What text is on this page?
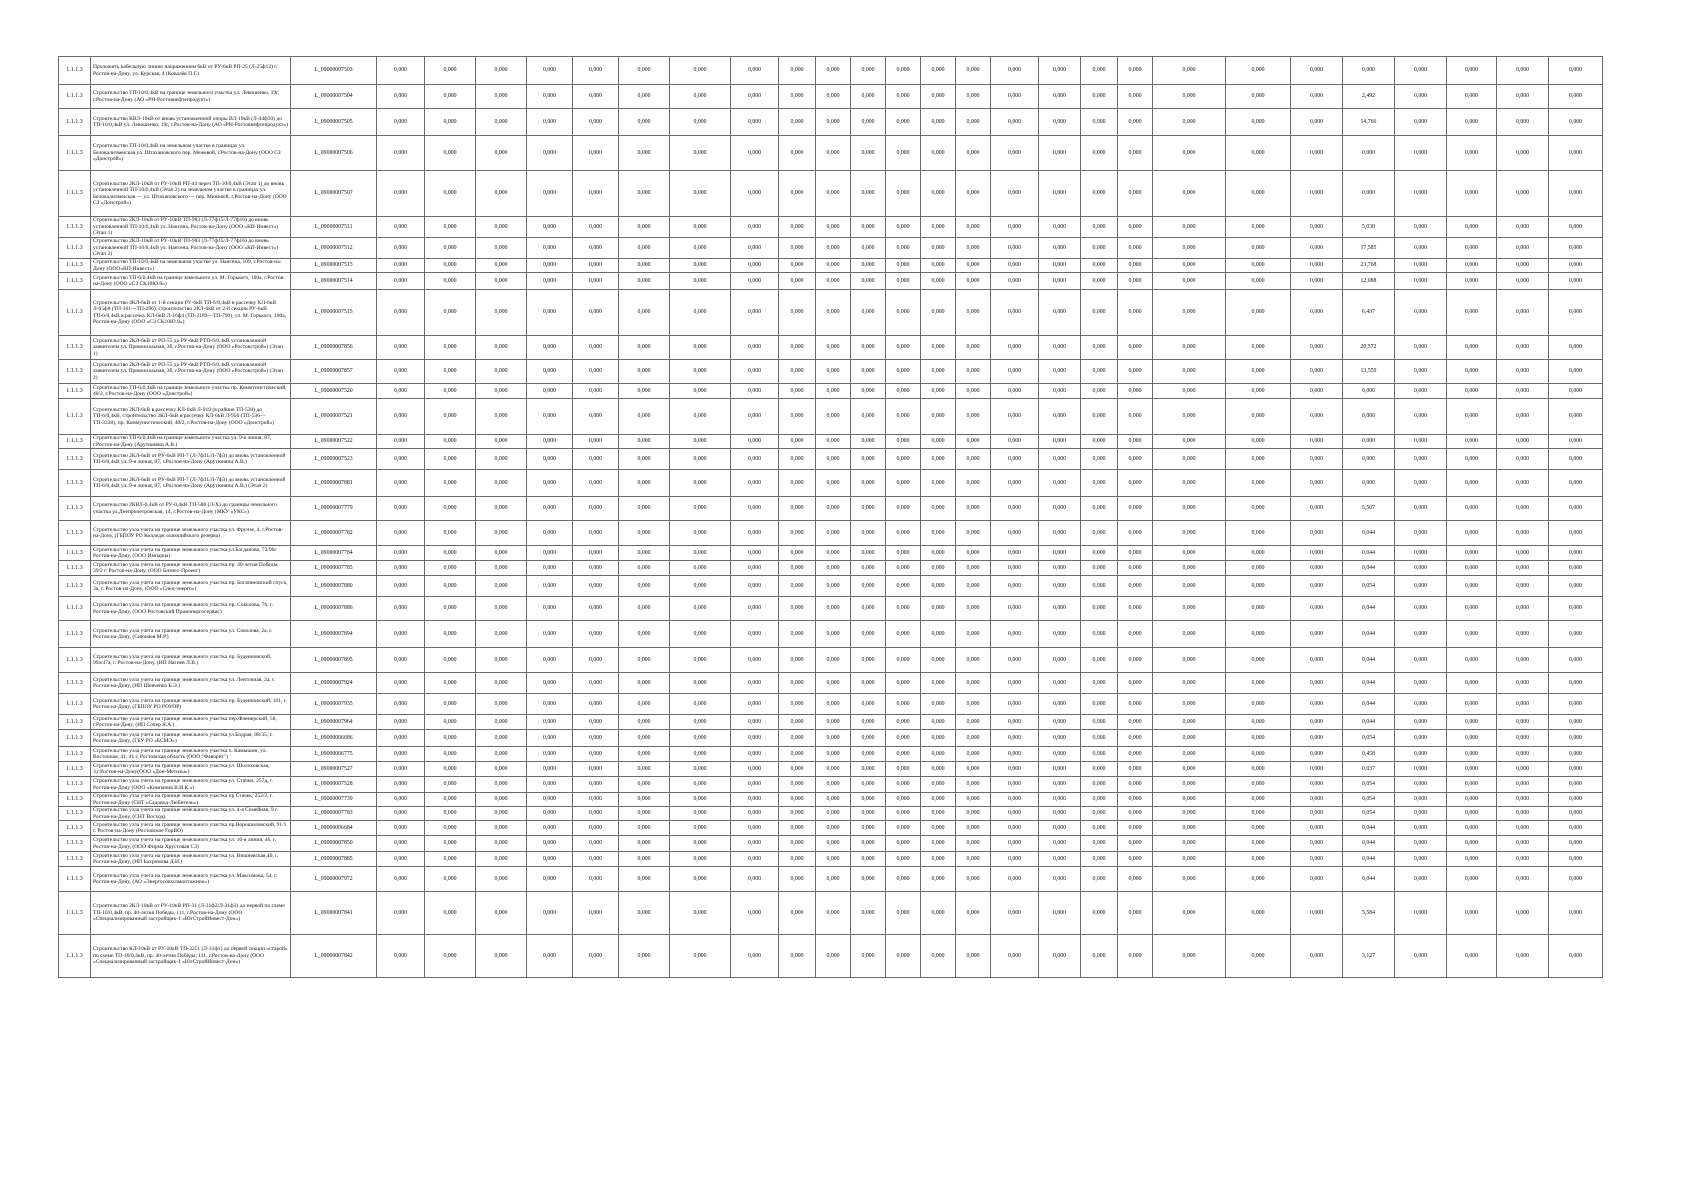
1.1.1.3	Проложить кабельную линию напряжением 6кВ от РУ-6кВ РП-25 (Л-25ф12) г. Ростов-на-Дону, ул. Курская, 4 (Ковалёв П.Г.)	L_09000007503	0,000	0,000	0,000	0,000	0,000	0,000	0,000	0,000	0,000	0,000	0,000	0,000	0,000	0,000	0,000	0,000	0,000	0,000	0,000	0,000	0,000	0,000	0,000	0,000	0,000	0,000
1.1.1.3	Строительство ТП-10/0,4кВ на границе земельного участка ул. Левошенко, 19г, г.Ростов-на-Дону (АО «РН-Ростовнефтепродукт»)	L_09000007504	0,000	0,000	0,000	0,000	0,000	0,000	0,000	0,000	0,000	0,000	0,000	0,000	0,000	0,000	0,000	0,000	0,000	0,000	0,000	0,000	0,000	2,492	0,000	0,000	0,000	0,000
1.1.1.3	Строительство КВЛ-10кВ от вновь установленной опоры ВЛ-10кВ (Л-44ф10) до ТП-10/0,4кВ ул. Левошенко, 19г, г.Ростов-на-Дону (АО «РН-Ростовнефтепродукт»)	L_09000007505	0,000	0,000	0,000	0,000	0,000	0,000	0,000	0,000	0,000	0,000	0,000	0,000	0,000	0,000	0,000	0,000	0,000	0,000	0,000	0,000	0,000	14,766	0,000	0,000	0,000	0,000
1.1.1.3	Строительство ТП-10/0,4кВ на земельном участке в границах ул. Белокалитвенская ул. Штахановского пер. Межевой, г.Ростов-на-Дону (ООО СЗ «Донстрой»)	L_09000007506	0,000	0,000	0,000	0,000	0,000	0,000	0,000	0,000	0,000	0,000	0,000	0,000	0,000	0,000	0,000	0,000	0,000	0,000	0,000	0,000	0,000	0,000	0,000	0,000	0,000	0,000
1.1.1.3	Строительство 2КЛ-10кВ от РУ-10кВ РП-44 через ТП-10/0,4кВ (Этап 1) до вновь установленной ТП-10/0,4кВ (Этап 2) на земельном участке в границах ул. Белокалитвенская — ул. Штахановского — пер. Межевой, г.Ростов-на-Дону (ООО СЗ «Донстрой»)	L_09000007507	0,000	0,000	0,000	0,000	0,000	0,000	0,000	0,000	0,000	0,000	0,000	0,000	0,000	0,000	0,000	0,000	0,000	0,000	0,000	0,000	0,000	0,000	0,000	0,000	0,000	0,000
1.1.1.3	Строительство 2КЛ-10кВ от РУ-10кВ ТП-983 (Л-77ф15/Л-77ф16) до вновь установленной ТП-10/0,4кВ ул. Нансена, Ростов-на-Дону (ООО «КП-Инвест») (Этап 1)	L_09000007511	0,000	0,000	0,000	0,000	0,000	0,000	0,000	0,000	0,000	0,000	0,000	0,000	0,000	0,000	0,000	0,000	0,000	0,000	0,000	0,000	0,000	5,038	0,000	0,000	0,000	0,000
1.1.1.3	Строительство 2КЛ-10кВ от РУ-10кВ ТП-983 (Л-77ф15/Л-77ф16) до вновь установленной ТП-10/0,4кВ ул. Нансена, Ростов-на-Дону (ООО «КП-Инвест») (Этап 2)	L_09000007512	0,000	0,000	0,000	0,000	0,000	0,000	0,000	0,000	0,000	0,000	0,000	0,000	0,000	0,000	0,000	0,000	0,000	0,000	0,000	0,000	0,000	17,585	0,000	0,000	0,000	0,000
1.1.1.3	Строительство ТП-10/0,4кВ на земельном участке ул. Нансена, 109, г.Ростов-на-Дону (ООО«КП-Инвест»)	L_09000007513	0,000	0,000	0,000	0,000	0,000	0,000	0,000	0,000	0,000	0,000	0,000	0,000	0,000	0,000	0,000	0,000	0,000	0,000	0,000	0,000	0,000	23,768	0,000	0,000	0,000	0,000
1.1.1.3	Строительство ТП-6/0,4кВ на границе земельного ул. М. Горького, 100а, г.Ростов-на-Дону (ООО «СЗ СК10Ю.8»)	L_09000007514	0,000	0,000	0,000	0,000	0,000	0,000	0,000	0,000	0,000	0,000	0,000	0,000	0,000	0,000	0,000	0,000	0,000	0,000	0,000	0,000	0,000	12,088	0,000	0,000	0,000	0,000
1.1.1.3	Строительство 4КЛ-6кВ от 1-й секции РУ-6кВ ТП-6/0,4кВ в рассечку КЛ-6кВ Л-65ф8 (ТП-161—ТП-286), строительство 2КЛ-6кВ от 2-й секции РУ-6кВ ТП-6/0,4кВ в рассечку КЛ-6кВ Л-16ф4 (ТП-3189—ТП-790), ул. М. Горького, 100а, Ростов-на-Дону (ООО «СЗ СК10Ю.8»)	L_09000007515	0,000	0,000	0,000	0,000	0,000	0,000	0,000	0,000	0,000	0,000	0,000	0,000	0,000	0,000	0,000	0,000	0,000	0,000	0,000	0,000	0,000	6,437	0,000	0,000	0,000	0,000
1.1.1.3	Строительство 2КЛ-6кВ от РП-55 до РУ-6кВ РТП-6/0,4кВ установленной заявителем ул. Привокзальная, 3б, г.Ростов-на-Дону (ООО «Ростовстрой») (Этап 1)	L_09000007856	0,000	0,000	0,000	0,000	0,000	0,000	0,000	0,000	0,000	0,000	0,000	0,000	0,000	0,000	0,000	0,000	0,000	0,000	0,000	0,000	0,000	20,572	0,000	0,000	0,000	0,000
1.1.1.3	Строительство 2КЛ-6кВ от РП-55 до РУ-6кВ РТП-6/0,4кВ установленной заявителем ул. Привокзальная, 3б, г.Ростов-на-Дону (ООО «Ростовстрой») (Этап 2)	L_09000007857	0,000	0,000	0,000	0,000	0,000	0,000	0,000	0,000	0,000	0,000	0,000	0,000	0,000	0,000	0,000	0,000	0,000	0,000	0,000	0,000	0,000	13,559	0,000	0,000	0,000	0,000
1.1.1.3	Строительство ТП-6/0,4кВ на границе земельного участка пр. Коммунистический, 40/2, г.Ростов-на-Дону (ООО «Донстрой»)	L_09000007520	0,000	0,000	0,000	0,000	0,000	0,000	0,000	0,000	0,000	0,000	0,000	0,000	0,000	0,000	0,000	0,000	0,000	0,000	0,000	0,000	0,000	0,000	0,000	0,000	0,000	0,000
1.1.1.3	Строительство 2КЛ-6кВ в рассечку КЛ-6кВ Л-919 (в районе ТП-530) до ТП-6/0,4кВ, строительство 2КЛ-6кВ в рассечку КЛ-6кВ Л-950 (ТП-536—ТП-3338), пр. Коммунистический, 40/2, г.Ростов-на-Дону (ООО «Донстрой»)	L_09000007521	0,000	0,000	0,000	0,000	0,000	0,000	0,000	0,000	0,000	0,000	0,000	0,000	0,000	0,000	0,000	0,000	0,000	0,000	0,000	0,000	0,000	0,000	0,000	0,000	0,000	0,000
1.1.1.3	Строительство ТП-6/0,4кВ на границе земельного участка ул. 9-я линия, 87, г.Ростов-на-Дону (Арутюнянц А.В.)	L_09000007522	0,000	0,000	0,000	0,000	0,000	0,000	0,000	0,000	0,000	0,000	0,000	0,000	0,000	0,000	0,000	0,000	0,000	0,000	0,000	0,000	0,000	0,000	0,000	0,000	0,000	0,000
1.1.1.3	Строительство 2КЛ-6кВ от РУ-6кВ РП-7 (Л-7ф11/Л-7ф3) до вновь установленной ТП-6/0,4кВ ул. 9-я линия, 87, г.Ростов-на-Дону (Арутюнянц А.В.)	L_09000007523	0,000	0,000	0,000	0,000	0,000	0,000	0,000	0,000	0,000	0,000	0,000	0,000	0,000	0,000	0,000	0,000	0,000	0,000	0,000	0,000	0,000	0,000	0,000	0,000	0,000	0,000
1.1.1.3	Строительство 2КЛ-6кВ от РУ-6кВ РП-7 (Л-7ф11/Л-7ф3) до вновь установленной ТП-6/0,4кВ ул. 9-я линия, 87, г.Ростов-на-Дону (Арутюнянц А.В.) (Этап 2)	L_09000007881	0,000	0,000	0,000	0,000	0,000	0,000	0,000	0,000	0,000	0,000	0,000	0,000	0,000	0,000	0,000	0,000	0,000	0,000	0,000	0,000	0,000	0,000	0,000	0,000	0,000	0,000
1.1.1.3	Строительство 2КВЛ-0,4кВ от РУ-0,4кВ ТП-580 (Л-Х) до границы земельного участка ул.Днепропетровская, 14, г.Ростов-на-Дону (МКУ «УКС»)	L_09000007779	0,000	0,000	0,000	0,000	0,000	0,000	0,000	0,000	0,000	0,000	0,000	0,000	0,000	0,000	0,000	0,000	0,000	0,000	0,000	0,000	0,000	5,507	0,000	0,000	0,000	0,000
1.1.1.3	Строительство узла учета на границе земельного участка ул. Фрунзе, 4, г.Ростов-на-Дону, (ГБПОУ РО Колледж олимпийского резерва)	L_09000007782	0,000	0,000	0,000	0,000	0,000	0,000	0,000	0,000	0,000	0,000	0,000	0,000	0,000	0,000	0,000	0,000	0,000	0,000	0,000	0,000	0,000	0,044	0,000	0,000	0,000	0,000
1.1.1.3	Строительство узла учета на границе земельного участка ул.Богданова, 73/96г Ростов-на-Дону, (ООО Импарна)	L_09000007784	0,000	0,000	0,000	0,000	0,000	0,000	0,000	0,000	0,000	0,000	0,000	0,000	0,000	0,000	0,000	0,000	0,000	0,000	0,000	0,000	0,000	0,044	0,000	0,000	0,000	0,000
1.1.1.3	Строительство узла учета на границе земельного участка пр. 40-летия Победы, 39/2 г. Ростов-на-Дону, (ООО Бизнес-Проект)	L_09000007785	0,000	0,000	0,000	0,000	0,000	0,000	0,000	0,000	0,000	0,000	0,000	0,000	0,000	0,000	0,000	0,000	0,000	0,000	0,000	0,000	0,000	0,044	0,000	0,000	0,000	0,000
1.1.1.3	Строительство узла учета на границе земельного участка пр. Богатяновский спуск, 3а, г. Ростов-на-Дону, (ООО «Спец-энерго»)	L_09000007880	0,000	0,000	0,000	0,000	0,000	0,000	0,000	0,000	0,000	0,000	0,000	0,000	0,000	0,000	0,000	0,000	0,000	0,000	0,000	0,000	0,000	0,054	0,000	0,000	0,000	0,000
1.1.1.3	Строительство узла учета на границе земельного участка пр. Соколова, 76, г. Ростов-на-Дону, (ООО Ростовский Промэнергосервис)	L_09000007886	0,000	0,000	0,000	0,000	0,000	0,000	0,000	0,000	0,000	0,000	0,000	0,000	0,000	0,000	0,000	0,000	0,000	0,000	0,000	0,000	0,000	0,044	0,000	0,000	0,000	0,000
1.1.1.3	Строительство узла учета на границе земельного участка ул. Соколова, 2а, г. Ростов-на-Дону, (Сиюнаев М.Р.)	L_09000007894	0,000	0,000	0,000	0,000	0,000	0,000	0,000	0,000	0,000	0,000	0,000	0,000	0,000	0,000	0,000	0,000	0,000	0,000	0,000	0,000	0,000	0,044	0,000	0,000	0,000	0,000
1.1.1.3	Строительство узла учета на границе земельного участка пр. Буденновский, 99а/47а, г. Ростов-на-Дону, (ИП Нагиев Л.В.)	L_09000007895	0,000	0,000	0,000	0,000	0,000	0,000	0,000	0,000	0,000	0,000	0,000	0,000	0,000	0,000	0,000	0,000	0,000	0,000	0,000	0,000	0,000	0,044	0,000	0,000	0,000	0,000
1.1.1.3	Строительство узла учета на границе земельного участка ул. Ленточная, 2а, г. Ростов-на-Дону, (ИП Шевченко Б.Э.)	L_09000007924	0,000	0,000	0,000	0,000	0,000	0,000	0,000	0,000	0,000	0,000	0,000	0,000	0,000	0,000	0,000	0,000	0,000	0,000	0,000	0,000	0,000	0,044	0,000	0,000	0,000	0,000
1.1.1.3	Строительство узла учета на границе земельного участка пр. Буденновский, 101, г. Ростов-на-Дону, (ГБПОУ РО РОУОР)	L_09000007935	0,000	0,000	0,000	0,000	0,000	0,000	0,000	0,000	0,000	0,000	0,000	0,000	0,000	0,000	0,000	0,000	0,000	0,000	0,000	0,000	0,000	0,044	0,000	0,000	0,000	0,000
1.1.1.3	Строительство узла учета на границе земельного участка пер.Флемерский, 56, г.Ростов-на-Дону, (ИП Сочер Я.А.)	L_09000007964	0,000	0,000	0,000	0,000	0,000	0,000	0,000	0,000	0,000	0,000	0,000	0,000	0,000	0,000	0,000	0,000	0,000	0,000	0,000	0,000	0,000	0,044	0,000	0,000	0,000	0,000
1.1.1.3	Строительство узла учета на границе земельного участка ул.Бодрая, 88/35, г. Ростов-на-Дону, (ГБУ РО «БСМЭ»)	L_09000006686	0,000	0,000	0,000	0,000	0,000	0,000	0,000	0,000	0,000	0,000	0,000	0,000	0,000	0,000	0,000	0,000	0,000	0,000	0,000	0,000	0,000	0,054	0,000	0,000	0,000	0,000
1.1.1.3	Строительство узла учета на границе земельного участка х. Камышин, ул. Восточная, 41, 41 г, Ростовская область (ООО "Фаворит")	L_09000006775	0,000	0,000	0,000	0,000	0,000	0,000	0,000	0,000	0,000	0,000	0,000	0,000	0,000	0,000	0,000	0,000	0,000	0,000	0,000	0,000	0,000	0,458	0,000	0,000	0,000	0,000
1.1.1.3	Строительство узла учета на границе земельного участка ул. Шолоховская, 3,г.Ростов-на-Дону(ООО «Дон-Метизы»)	L_09000007527	0,000	0,000	0,000	0,000	0,000	0,000	0,000	0,000	0,000	0,000	0,000	0,000	0,000	0,000	0,000	0,000	0,000	0,000	0,000	0,000	0,000	0,037	0,000	0,000	0,000	0,000
1.1.1.3	Строительство узла учета на границе земельного участка ул. Стачки, 257д, г. Ростов-на-Дону (ООО «Компания В.И.К.»)	L_09000007528	0,000	0,000	0,000	0,000	0,000	0,000	0,000	0,000	0,000	0,000	0,000	0,000	0,000	0,000	0,000	0,000	0,000	0,000	0,000	0,000	0,000	0,054	0,000	0,000	0,000	0,000
1.1.1.3	Строительство узла учета на границе земельного участка пр Стачек, 252/2, г. Ростов-на-Дону (СНТ «Садовод-Любитель»)	L_09000007739	0,000	0,000	0,000	0,000	0,000	0,000	0,000	0,000	0,000	0,000	0,000	0,000	0,000	0,000	0,000	0,000	0,000	0,000	0,000	0,000	0,000	0,054	0,000	0,000	0,000	0,000
1.1.1.3	Строительство узла учета на границе земельного участка ул. 4-я Семейная, 9 г. Ростов-на-Дону, (СНТ Восход)	L_09000007783	0,000	0,000	0,000	0,000	0,000	0,000	0,000	0,000	0,000	0,000	0,000	0,000	0,000	0,000	0,000	0,000	0,000	0,000	0,000	0,000	0,000	0,054	0,000	0,000	0,000	0,000
1.1.1.3	Строительство узла учета на границе земельного участка пр.Ворошиловский, 91/1 г. Ростов-на-Дону (Ростовское ГорВО)	L_09000006684	0,000	0,000	0,000	0,000	0,000	0,000	0,000	0,000	0,000	0,000	0,000	0,000	0,000	0,000	0,000	0,000	0,000	0,000	0,000	0,000	0,000	0,044	0,000	0,000	0,000	0,000
1.1.1.3	Строительство узла учета на границе земельного участка ул. 16-я линия, 46, г. Ростов-на-Дону, (ООО Фирма Хрустовая СЗ)	L_09000007850	0,000	0,000	0,000	0,000	0,000	0,000	0,000	0,000	0,000	0,000	0,000	0,000	0,000	0,000	0,000	0,000	0,000	0,000	0,000	0,000	0,000	0,044	0,000	0,000	0,000	0,000
1.1.1.3	Строительство узла учета на границе земельного участка ул. Вишневская,46, г. Ростов-на-Дону, (ИП Бахромова Д.И.)	L_09000007885	0,000	0,000	0,000	0,000	0,000	0,000	0,000	0,000	0,000	0,000	0,000	0,000	0,000	0,000	0,000	0,000	0,000	0,000	0,000	0,000	0,000	0,044	0,000	0,000	0,000	0,000
1.1.1.3	Строительство узла учета на границе земельного участка ул. Максимова, 54, г. Ростов-на-Дону, (АО «Энергосовхозмонтажник»)	L_09000007972	0,000	0,000	0,000	0,000	0,000	0,000	0,000	0,000	0,000	0,000	0,000	0,000	0,000	0,000	0,000	0,000	0,000	0,000	0,000	0,000	0,000	0,044	0,000	0,000	0,000	0,000
1.1.1.3	Строительство 2КЛ-10кВ от РУ-10кВ РП-31 (Л-31ф2/Л-31ф3) до первой по схеме ТП-10/0,4кВ, пр. 40-летия Победы, 111, г.Ростов-на-Дону (ООО «Специализированный застройщик-1 «ЮгСтройИнвест-Дон»)	L_09000007841	0,000	0,000	0,000	0,000	0,000	0,000	0,000	0,000	0,000	0,000	0,000	0,000	0,000	0,000	0,000	0,000	0,000	0,000	0,000	0,000	0,000	5,584	0,000	0,000	0,000	0,000
1.1.1.3	Строительство КЛ-10кВ от РУ-10кВ ТП-3251 (Л-31ф1) до первой секции «старой» по схеме ТП-10/0,4кВ, пр. 40-летия Победы, 111, г.Ростов-на-Дону (ООО «Специализированный застройщик-1 «ЮгСтройИнвест-Дон»)	L_09000007842	0,000	0,000	0,000	0,000	0,000	0,000	0,000	0,000	0,000	0,000	0,000	0,000	0,000	0,000	0,000	0,000	0,000	0,000	0,000	0,000	0,000	3,127	0,000	0,000	0,000	0,000
